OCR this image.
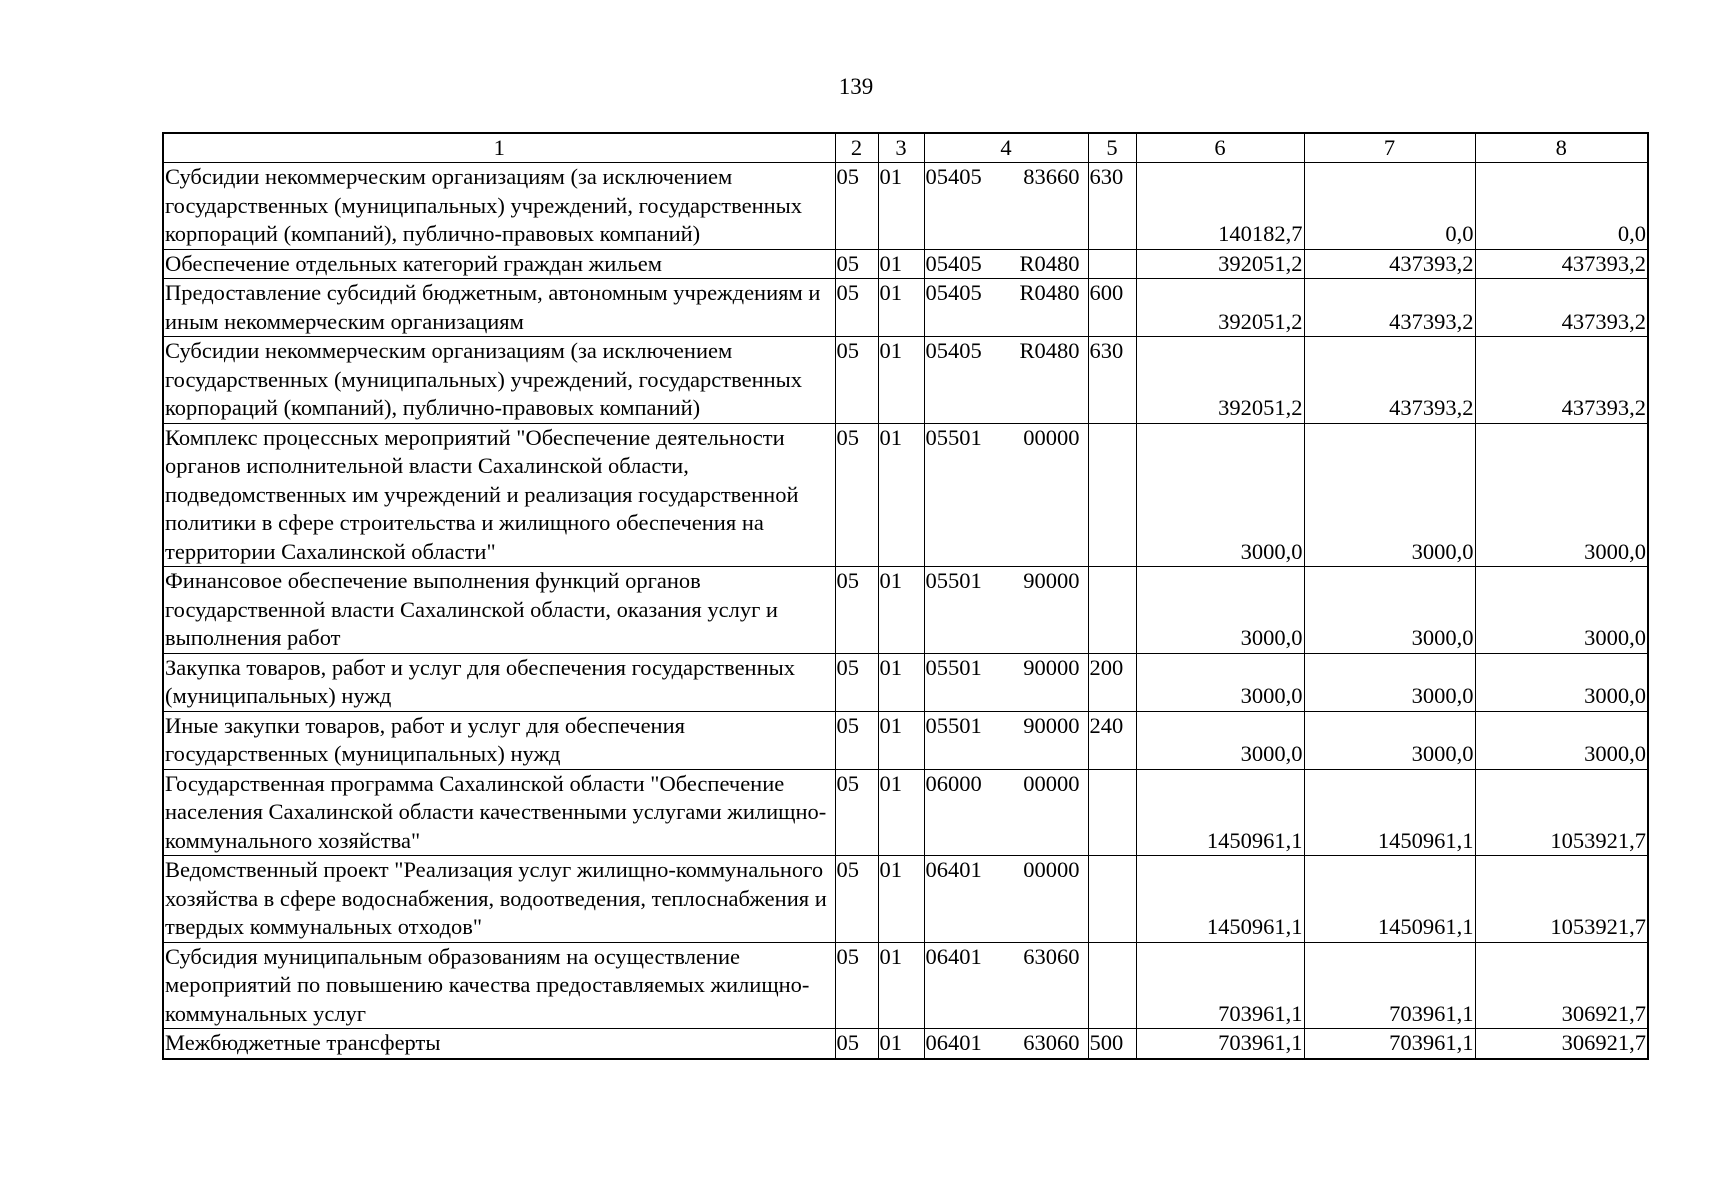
139
1	2	3	4	5	6	7	8
Субсидии некоммерческим организациям (за исключением государственных (муниципальных) учреждений, государственных корпораций (компаний), публично-правовых компаний)	05	01	05405 83660	630	140182,7	0,0	0,0
Обеспечение отдельных категорий граждан жильем	05	01	05405 R0480		392051,2	437393,2	437393,2
Предоставление субсидий бюджетным, автономным учреждениям и иным некоммерческим организациям	05	01	05405 R0480	600	392051,2	437393,2	437393,2
Субсидии некоммерческим организациям (за исключением государственных (муниципальных) учреждений, государственных корпораций (компаний), публично-правовых компаний)	05	01	05405 R0480	630	392051,2	437393,2	437393,2
Комплекс процессных мероприятий "Обеспечение деятельности органов исполнительной власти Сахалинской области, подведомственных им учреждений и реализация государственной политики в сфере строительства и жилищного обеспечения на территории Сахалинской области"	05	01	05501 00000		3000,0	3000,0	3000,0
Финансовое обеспечение выполнения функций органов государственной власти Сахалинской области, оказания услуг и выполнения работ	05	01	05501 90000		3000,0	3000,0	3000,0
Закупка товаров, работ и услуг для обеспечения государственных (муниципальных) нужд	05	01	05501 90000	200	3000,0	3000,0	3000,0
Иные закупки товаров, работ и услуг для обеспечения государственных (муниципальных) нужд	05	01	05501 90000	240	3000,0	3000,0	3000,0
Государственная программа Сахалинской области "Обеспечение населения Сахалинской области качественными услугами жилищно-коммунального хозяйства"	05	01	06000 00000		1450961,1	1450961,1	1053921,7
Ведомственный проект "Реализация услуг жилищно-коммунального хозяйства в сфере водоснабжения, водоотведения, теплоснабжения и твердых коммунальных отходов"	05	01	06401 00000		1450961,1	1450961,1	1053921,7
Субсидия муниципальным образованиям на осуществление мероприятий по повышению качества предоставляемых жилищно-коммунальных услуг	05	01	06401 63060		703961,1	703961,1	306921,7
Межбюджетные трансферты	05	01	06401 63060	500	703961,1	703961,1	306921,7
